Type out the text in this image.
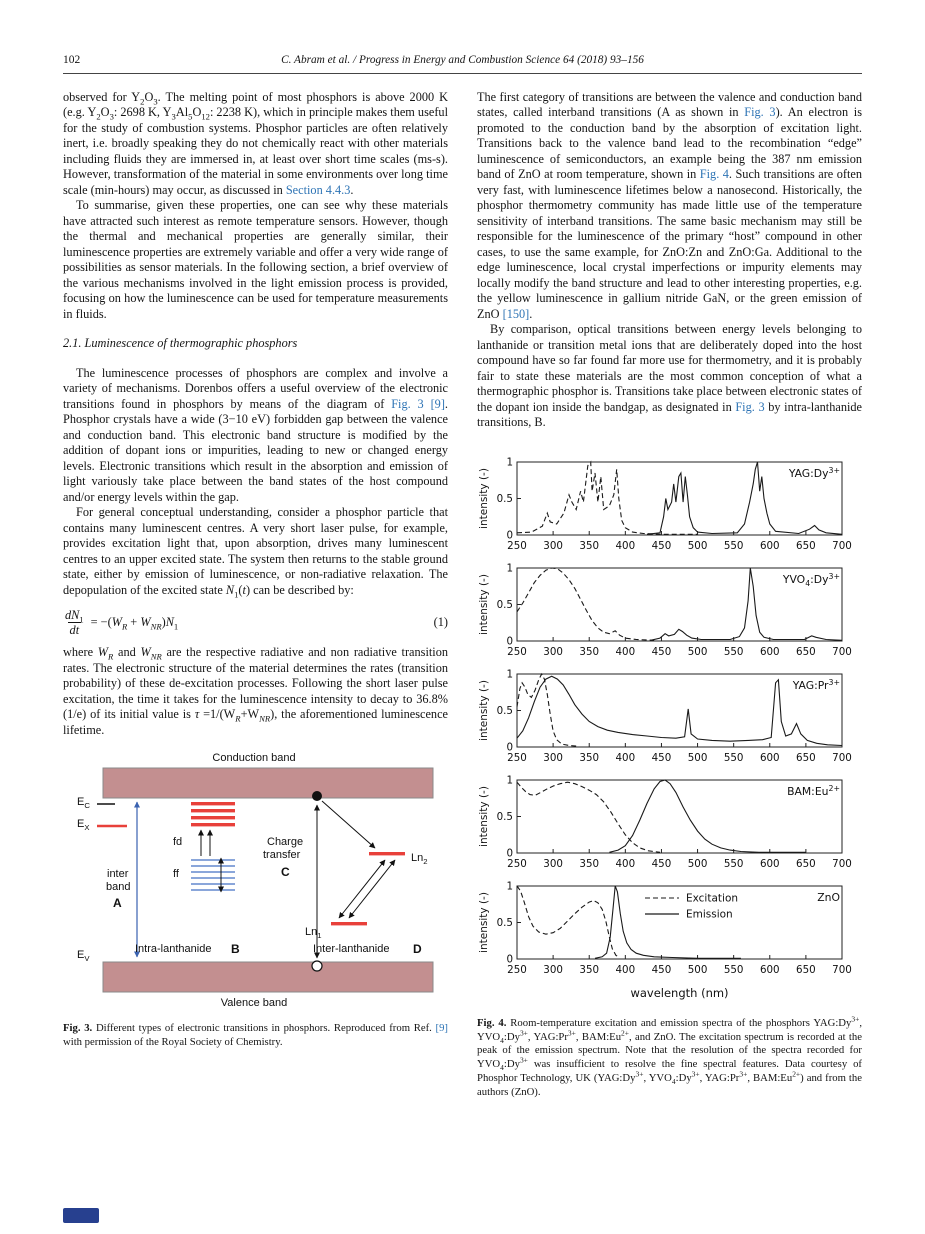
102	C. Abram et al. / Progress in Energy and Combustion Science 64 (2018) 93–156

observed for $Y_2O_3$. The melting point of most phosphors is above 2000 K (e.g. $Y_2O_3$: 2698 K, $Y_3Al_5O_{12}$: 2238 K), which in principle makes them useful for the study of combustion systems. Phosphor particles are often relatively inert, i.e. broadly speaking they do not chemically react with other materials including fluids they are immersed in, at least over short time scales (ms-s). However, transformation of the material in some environments over long time scale (min-hours) may occur, as discussed in Section 4.4.3.

To summarise, given these properties, one can see why these materials have attracted such interest as remote temperature sensors. However, though the thermal and mechanical properties are generally similar, their luminescence properties are extremely variable and offer a very wide range of possibilities as sensor materials. In the following section, a brief overview of the various mechanisms involved in the light emission process is provided, focusing on how the luminescence can be used for temperature measurements in fluids.

2.1. Luminescence of thermographic phosphors

The luminescence processes of phosphors are complex and involve a variety of mechanisms. Dorenbos offers a useful overview of the electronic transitions found in phosphors by means of the diagram of Fig. 3 [9]. Phosphor crystals have a wide (3−10 eV) forbidden gap between the valence and conduction band. This electronic band structure is modified by the addition of dopant ions or impurities, leading to new or changed energy levels. Electronic transitions which result in the absorption and emission of light variously take place between the band states of the host compound and/or energy levels within the gap.

For general conceptual understanding, consider a phosphor particle that contains many luminescent centres. A very short laser pulse, for example, provides excitation light that, upon absorption, drives many luminescent centres to an upper excited state. The system then returns to the stable ground state, either by emission of luminescence, or non-radiative relaxation. The depopulation of the excited state $N_1(t)$ can be described by:

$\frac{dN_1}{dt} = -(W_R + W_{NR})N_1$	(1)

where $W_R$ and $W_{NR}$ are the respective radiative and non radiative transition rates. The electronic structure of the material determines the rates (transition probability) of these de-excitation processes. Following the short laser pulse excitation, the time it takes for the luminescence intensity to decay to 36.8% (1/e) of its initial value is $\tau =1/(W_R+W_{NR})$, the aforementioned luminescence lifetime.

Conduction band
Valence band
$E_C$
$E_X$
$E_V$
inter
band
A
fd
ff
Intra-lanthanide B
Charge
transfer
C
$Ln_1$
$Ln_2$
Inter-lanthanide D
Fig. 3. Different types of electronic transitions in phosphors. Reproduced from Ref. [9] with permission of the Royal Society of Chemistry.

The first category of transitions are between the valence and conduction band states, called interband transitions (A as shown in Fig. 3). An electron is promoted to the conduction band by the absorption of excitation light. Transitions back to the valence band lead to the recombination “edge” luminescence of semiconductors, an example being the 387 nm emission band of ZnO at room temperature, shown in Fig. 4. Such transitions are often very fast, with luminescence lifetimes below a nanosecond. Historically, the phosphor thermometry community has made little use of the temperature sensitivity of interband transitions. The same basic mechanism may still be responsible for the luminescence of the primary “host” compound in other cases, to use the same example, for ZnO:Zn and ZnO:Ga. Additional to the edge luminescence, local crystal imperfections or impurity elements may locally modify the band structure and lead to other interesting properties, e.g. the yellow luminescence in gallium nitride GaN, or the green emission of ZnO [150].

By comparison, optical transitions between energy levels belonging to lanthanide or transition metal ions that are deliberately doped into the host compound have so far found far more use for thermometry, and it is probably fair to state these materials are the most common conception of what a thermographic phosphor is. Transitions take place between electronic states of the dopant ion inside the bandgap, as designated in Fig. 3 by intra-lanthanide transitions, B.

250 300 350 400 450 500 550 600 650 700
0
0.5
1
intensity (-)	$YAG:Dy^{3+}$
250 300 350 400 450 500 550 600 650 700
0
0.5
1
intensity (-)	$YVO_4:Dy^{3+}$
250 300 350 400 450 500 550 600 650 700
0
0.5
1
intensity (-)	$YAG:Pr^{3+}$
250 300 350 400 450 500 550 600 650 700
0
0.5
1
intensity (-)	$BAM:Eu^{2+}$
250 300 350 400 450 500 550 600 650 700
0
0.5
1
intensity (-)	ZnO
Excitation
Emission
wavelength (nm)
Fig. 4. Room-temperature excitation and emission spectra of the phosphors $YAG:Dy^{3+}$, $YVO_4:Dy^{3+}$, $YAG:Pr^{3+}$, $BAM:Eu^{2+}$, and ZnO. The excitation spectrum is recorded at the peak of the emission spectrum. Note that the resolution of the spectra recorded for $YVO_4:Dy^{3+}$ was insufficient to resolve the fine spectral features. Data courtesy of Phosphor Technology, UK ($YAG:Dy^{3+}$, $YVO_4:Dy^{3+}$, $YAG:Pr^{3+}$, $BAM:Eu^{2+}$) and from the authors (ZnO).
